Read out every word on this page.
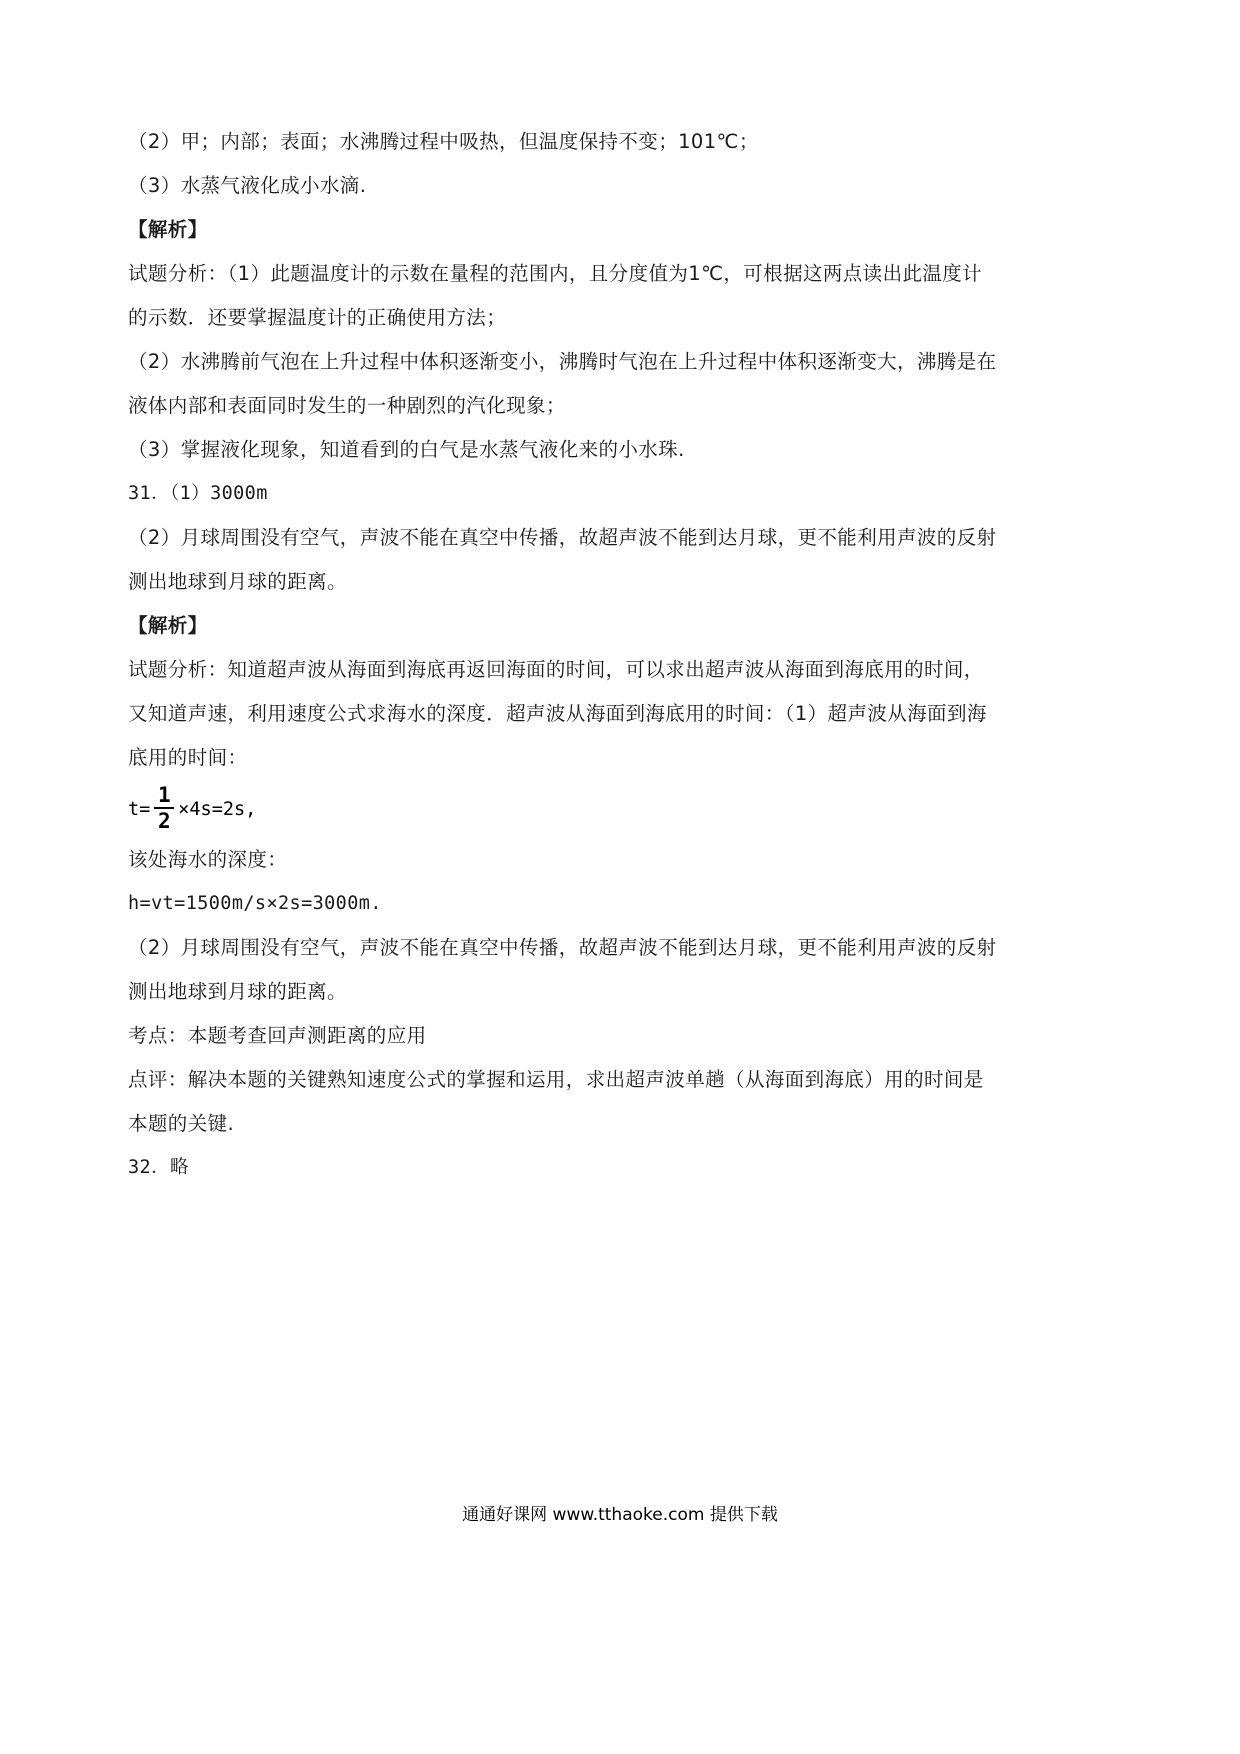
（2）甲；内部；表面；水沸腾过程中吸热，但温度保持不变；101℃；

（3）水蒸气液化成小水滴.

【解析】

试题分析：（1）此题温度计的示数在量程的范围内，且分度值为1℃，可根据这两点读出此温度计

的示数．还要掌握温度计的正确使用方法；

（2）水沸腾前气泡在上升过程中体积逐渐变小，沸腾时气泡在上升过程中体积逐渐变大，沸腾是在

液体内部和表面同时发生的一种剧烈的汽化现象；

（3）掌握液化现象，知道看到的白气是水蒸气液化来的小水珠.

31．（1）3000m

（2）月球周围没有空气，声波不能在真空中传播，故超声波不能到达月球，更不能利用声波的反射

测出地球到月球的距离。

【解析】

试题分析：知道超声波从海面到海底再返回海面的时间，可以求出超声波从海面到海底用的时间，

又知道声速，利用速度公式求海水的深度．超声波从海面到海底用的时间：（1）超声波从海面到海

底用的时间：

$t= \frac{1}{2} \times 4s=2s$,

该处海水的深度：

h=vt=1500m/s×2s=3000m.

（2）月球周围没有空气，声波不能在真空中传播，故超声波不能到达月球，更不能利用声波的反射

测出地球到月球的距离。

考点：本题考查回声测距离的应用

点评：解决本题的关键熟知速度公式的掌握和运用，求出超声波单趟（从海面到海底）用的时间是

本题的关键.

32．略

通通好课网 www.tthaoke.com 提供下载
